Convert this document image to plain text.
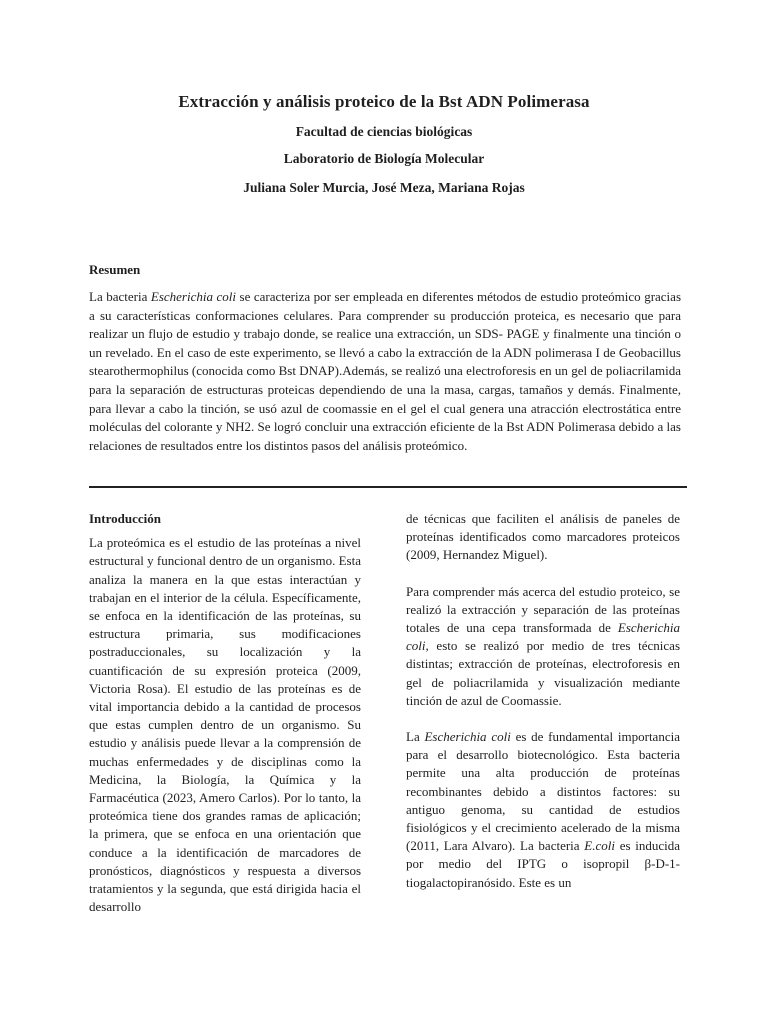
Extracción y análisis proteico de la Bst ADN Polimerasa
Facultad de ciencias biológicas
Laboratorio de Biología Molecular
Juliana Soler Murcia, José Meza, Mariana Rojas
Resumen

La bacteria Escherichia coli se caracteriza por ser empleada en diferentes métodos de estudio proteómico gracias a su características conformaciones celulares. Para comprender su producción proteica, es necesario que para realizar un flujo de estudio y trabajo donde, se realice una extracción, un SDS- PAGE y finalmente una tinción o un revelado. En el caso de este experimento, se llevó a cabo la extracción de la ADN polimerasa I de Geobacillus stearothermophilus (conocida como Bst DNAP).Además, se realizó una electroforesis en un gel de poliacrilamida para la separación de estructuras proteicas dependiendo de una la masa, cargas, tamaños y demás. Finalmente, para llevar a cabo la tinción, se usó azul de coomassie en el gel el cual genera una atracción electrostática entre moléculas del colorante y NH2. Se logró concluir una extracción eficiente de la Bst ADN Polimerasa debido a las relaciones de resultados entre los distintos pasos del análisis proteómico.

Introducción

La proteómica es el estudio de las proteínas a nivel estructural y funcional dentro de un organismo. Esta analiza la manera en la que estas interactúan y trabajan en el interior de la célula. Específicamente, se enfoca en la identificación de las proteínas, su estructura primaria, sus modificaciones postraduccionales, su localización y la cuantificación de su expresión proteica (2009, Victoria Rosa). El estudio de las proteínas es de vital importancia debido a la cantidad de procesos que estas cumplen dentro de un organismo. Su estudio y análisis puede llevar a la comprensión de muchas enfermedades y de disciplinas como la Medicina, la Biología, la Química y la Farmacéutica (2023, Amero Carlos). Por lo tanto, la proteómica tiene dos grandes ramas de aplicación; la primera, que se enfoca en una orientación que conduce a la identificación de marcadores de pronósticos, diagnósticos y respuesta a diversos tratamientos y la segunda, que está dirigida hacia el desarrollo

de técnicas que faciliten el análisis de paneles de proteínas identificados como marcadores proteicos (2009, Hernandez Miguel).

Para comprender más acerca del estudio proteico, se realizó la extracción y separación de las proteínas totales de una cepa transformada de Escherichia coli, esto se realizó por medio de tres técnicas distintas; extracción de proteínas, electroforesis en gel de poliacrilamida y visualización mediante tinción de azul de Coomassie.

La Escherichia coli es de fundamental importancia para el desarrollo biotecnológico. Esta bacteria permite una alta producción de proteínas recombinantes debido a distintos factores: su antiguo genoma, su cantidad de estudios fisiológicos y el crecimiento acelerado de la misma (2011, Lara Alvaro). La bacteria E.coli es inducida por medio del IPTG o isopropil β-D-1-tiogalactopiranósido. Este es un
